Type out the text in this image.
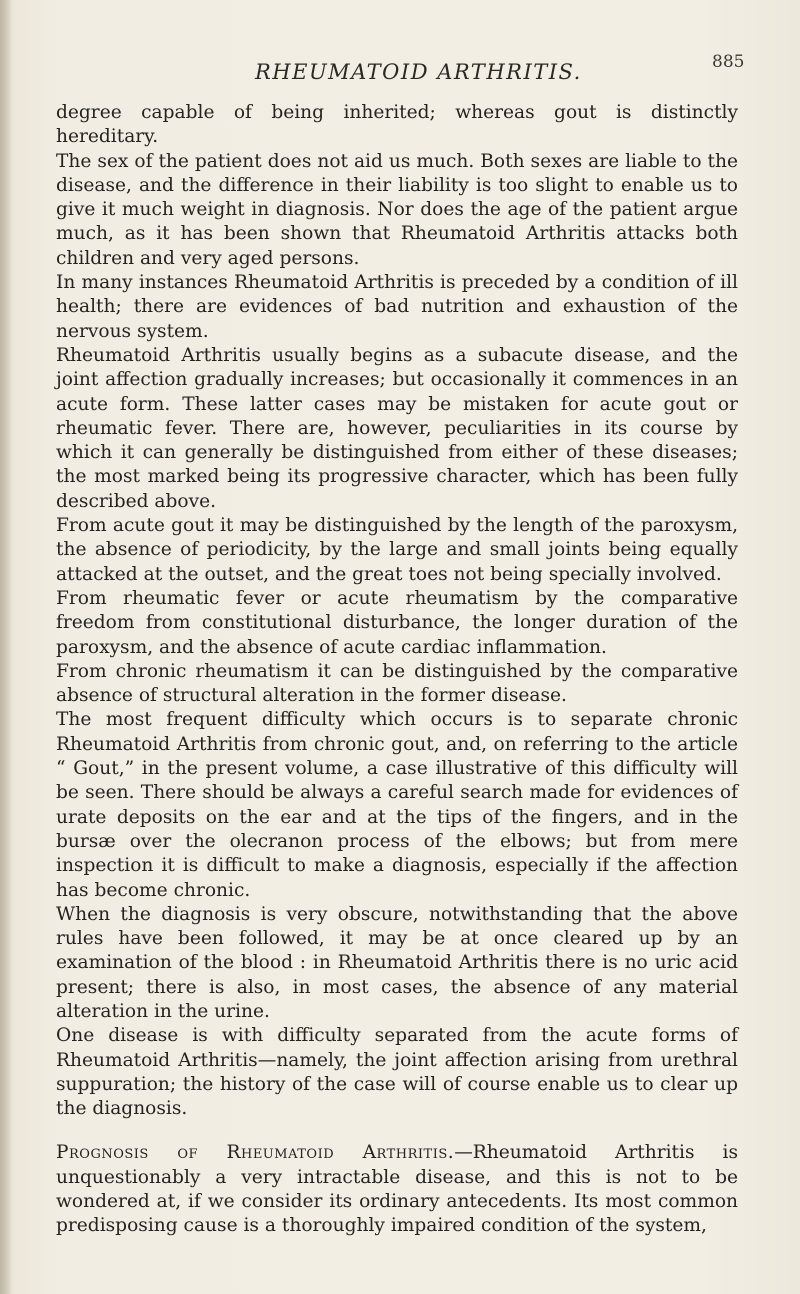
RHEUMATOID ARTHRITIS.	885

degree capable of being inherited; whereas gout is distinctly hereditary.

The sex of the patient does not aid us much. Both sexes are liable to the disease, and the difference in their liability is too slight to enable us to give it much weight in diagnosis. Nor does the age of the patient argue much, as it has been shown that Rheumatoid Arthritis attacks both children and very aged persons.

In many instances Rheumatoid Arthritis is preceded by a condition of ill health; there are evidences of bad nutrition and exhaustion of the nervous system.

Rheumatoid Arthritis usually begins as a subacute disease, and the joint affection gradually increases; but occasionally it commences in an acute form. These latter cases may be mistaken for acute gout or rheumatic fever. There are, however, peculiarities in its course by which it can generally be distinguished from either of these diseases; the most marked being its progressive character, which has been fully described above.

From acute gout it may be distinguished by the length of the paroxysm, the absence of periodicity, by the large and small joints being equally attacked at the outset, and the great toes not being specially involved.

From rheumatic fever or acute rheumatism by the comparative freedom from constitutional disturbance, the longer duration of the paroxysm, and the absence of acute cardiac inflammation.

From chronic rheumatism it can be distinguished by the comparative absence of structural alteration in the former disease.

The most frequent difficulty which occurs is to separate chronic Rheumatoid Arthritis from chronic gout, and, on referring to the article “ Gout,” in the present volume, a case illustrative of this difficulty will be seen. There should be always a careful search made for evidences of urate deposits on the ear and at the tips of the fingers, and in the bursæ over the olecranon process of the elbows; but from mere inspection it is difficult to make a diagnosis, especially if the affection has become chronic.

When the diagnosis is very obscure, notwithstanding that the above rules have been followed, it may be at once cleared up by an examination of the blood : in Rheumatoid Arthritis there is no uric acid present; there is also, in most cases, the absence of any material alteration in the urine.

One disease is with difficulty separated from the acute forms of Rheumatoid Arthritis—namely, the joint affection arising from urethral suppuration; the history of the case will of course enable us to clear up the diagnosis.

Prognosis of Rheumatoid Arthritis.—Rheumatoid Arthritis is unquestionably a very intractable disease, and this is not to be wondered at, if we consider its ordinary antecedents. Its most common predisposing cause is a thoroughly impaired condition of the system,
